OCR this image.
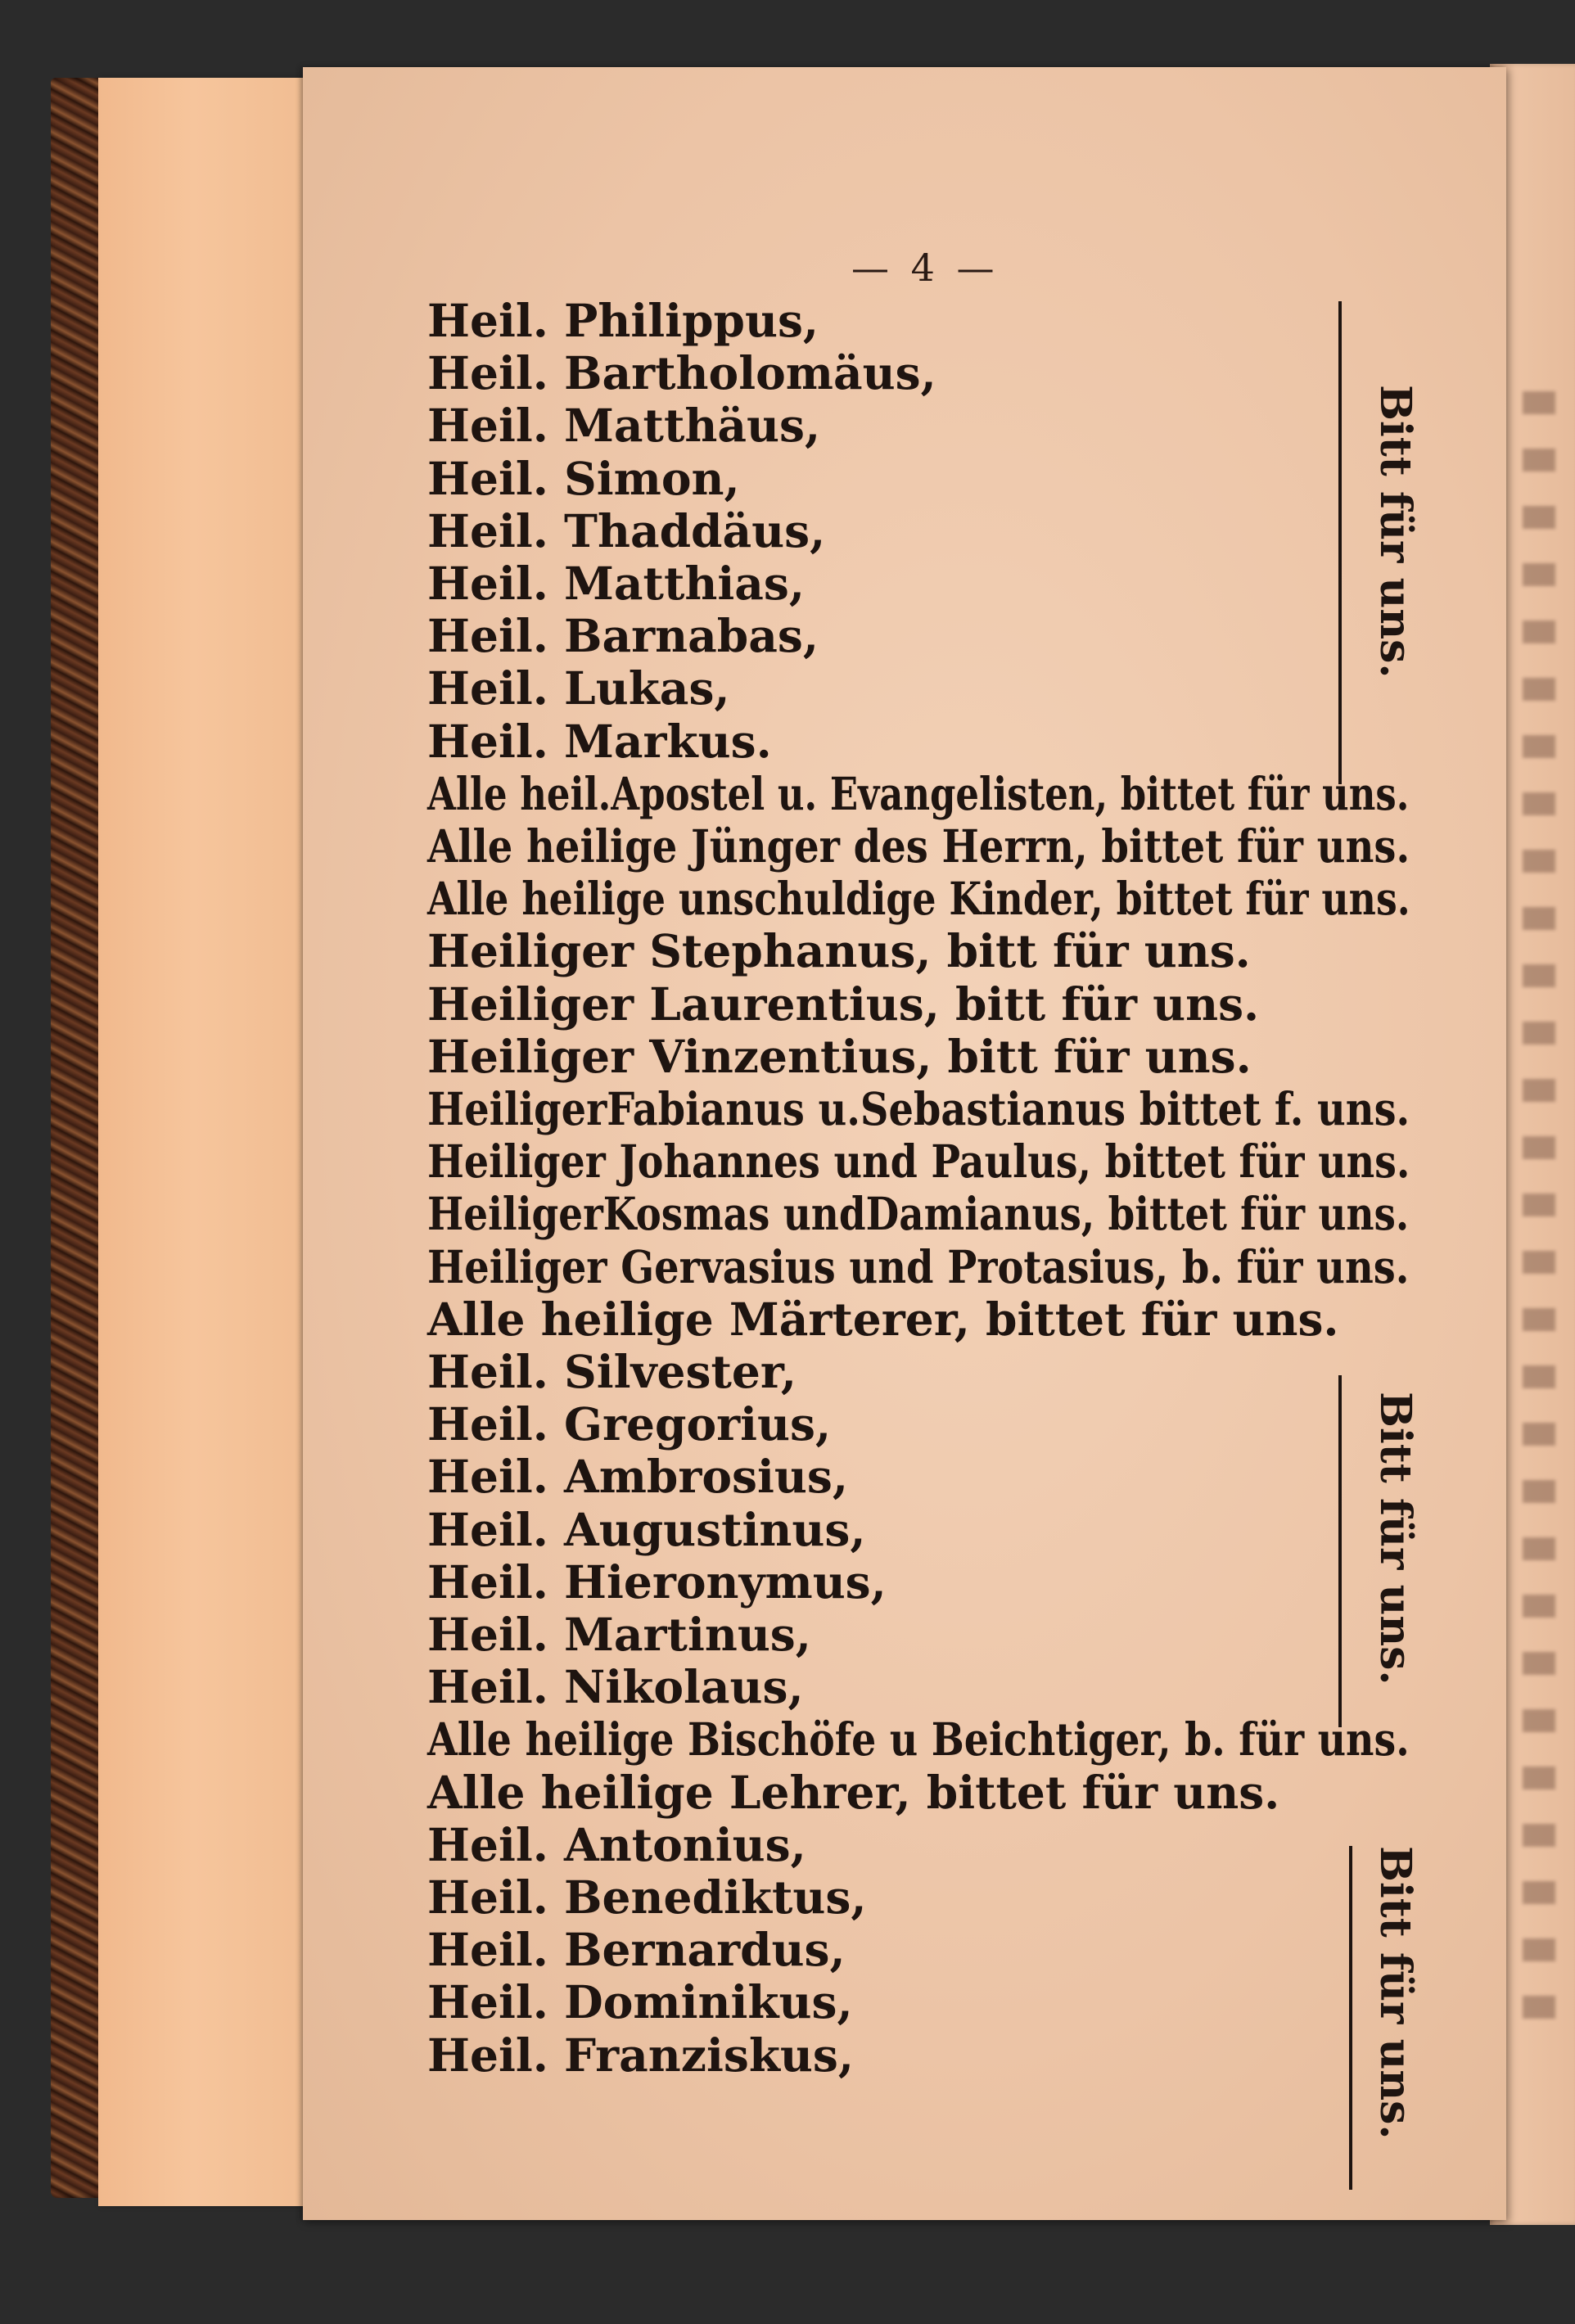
— 4 —
Heil. Philippus,
Heil. Bartholomäus,
Heil. Matthäus,
Heil. Simon,
Heil. Thaddäus,
Heil. Matthias,
Heil. Barnabas,
Heil. Lukas,
Heil. Markus.
Alle heil.Apostel u. Evangelisten, bittet für uns.
Alle heilige Jünger des Herrn, bittet für uns.
Alle heilige unschuldige Kinder, bittet für uns.
Heiliger Stephanus, bitt für uns.
Heiliger Laurentius, bitt für uns.
Heiliger Vinzentius, bitt für uns.
HeiligerFabianus u.Sebastianus bittet f. uns.
Heiliger Johannes und Paulus, bittet für uns.
HeiligerKosmas undDamianus, bittet für uns.
Heiliger Gervasius und Protasius, b. für uns.
Alle heilige Märterer, bittet für uns.
Heil. Silvester,
Heil. Gregorius,
Heil. Ambrosius,
Heil. Augustinus,
Heil. Hieronymus,
Heil. Martinus,
Heil. Nikolaus,
Alle heilige Bischöfe u Beichtiger, b. für uns.
Alle heilige Lehrer, bittet für uns.
Heil. Antonius,
Heil. Benediktus,
Heil. Bernardus,
Heil. Dominikus,
Heil. Franziskus,
Bitt für uns.
Bitt für uns.
Bitt für uns.
